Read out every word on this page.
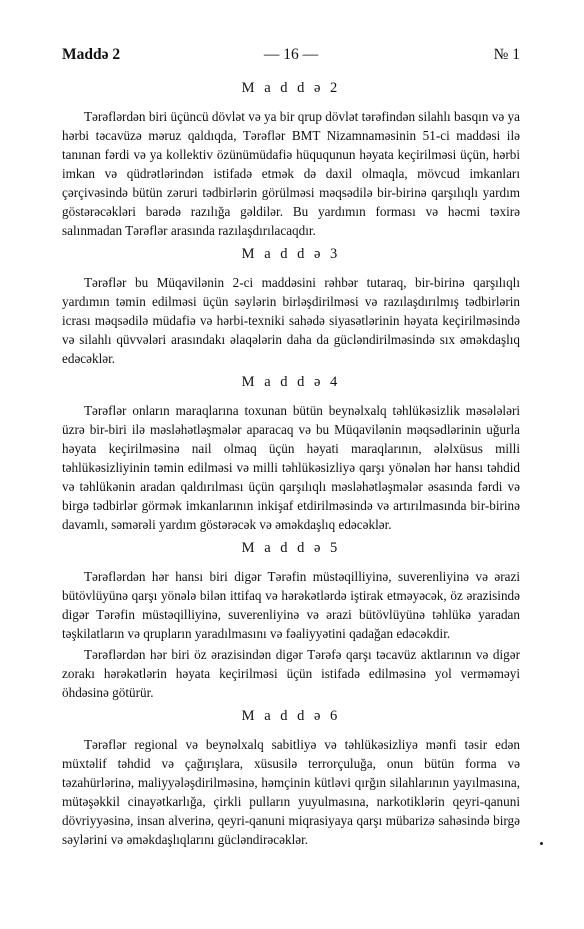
Maddə 2	— 16 —	№ 1
M a d d ə 2

Tərəflərdən biri üçüncü dövlət və ya bir qrup dövlət tərəfindən silahlı basqın və ya hərbi təcavüzə məruz qaldıqda, Tərəflər BMT Nizamnaməsinin 51-ci maddəsi ilə tanınan fərdi və ya kollektiv özünümüdafiə hüququnun həyata keçirilməsi üçün, hərbi imkan və qüdrətlərindən istifadə etmək də daxil olmaqla, mövcud imkanları çərçivəsində bütün zəruri tədbirlərin görülməsi məqsədilə bir-birinə qarşılıqlı yardım göstərəcəkləri barədə razılığa gəldilər. Bu yardımın forması və həcmi təxirə salınmadan Tərəflər arasında razılaşdırılacaqdır.

M a d d ə 3

Tərəflər bu Müqavilənin 2-ci maddəsini rəhbər tutaraq, bir-birinə qarşılıqlı yardımın təmin edilməsi üçün səylərin birləşdirilməsi və razılaşdırılmış tədbirlərin icrası məqsədilə müdafiə və hərbi-texniki sahədə siyasətlərinin həyata keçirilməsində və silahlı qüvvələri arasındakı əlaqələrin daha da gücləndirilməsində sıx əməkdaşlıq edəcəklər.

M a d d ə 4

Tərəflər onların maraqlarına toxunan bütün beynəlxalq təhlükəsizlik məsələləri üzrə bir-biri ilə məsləhətləşmələr aparacaq və bu Müqavilənin məqsədlərinin uğurla həyata keçirilməsinə nail olmaq üçün həyati maraqlarının, ələlxüsus milli təhlükəsizliyinin təmin edilməsi və milli təhlükəsizliyə qarşı yönələn hər hansı təhdid və təhlükənin aradan qaldırılması üçün qarşılıqlı məsləhətləşmələr əsasında fərdi və birgə tədbirlər görmək imkanlarının inkişaf etdirilməsində və artırılmasında bir-birinə davamlı, səmərəli yardım göstərəcək və əməkdaşlıq edəcəklər.

M a d d ə 5

Tərəflərdən hər hansı biri digər Tərəfin müstəqilliyinə, suverenliyinə və ərazi bütövlüyünə qarşı yönələ bilən ittifaq və hərəkətlərdə iştirak etməyəcək, öz ərazisində digər Tərəfin müstəqilliyinə, suverenliyinə və ərazi bütövlüyünə təhlükə yaradan təşkilatların və qrupların yaradılmasını və fəaliyyətini qadağan edəcəkdir.

Tərəflərdən hər biri öz ərazisindən digər Tərəfə qarşı təcavüz aktlarının və digər zorakı hərəkətlərin həyata keçirilməsi üçün istifadə edilməsinə yol verməməyi öhdəsinə götürür.

M a d d ə 6

Tərəflər regional və beynəlxalq sabitliyə və təhlükəsizliyə mənfi təsir edən müxtəlif təhdid və çağırışlara, xüsusilə terrorçuluğa, onun bütün forma və təzahürlərinə, maliyyələşdirilməsinə, həmçinin kütləvi qırğın silahlarının yayılmasına, mütəşəkkil cinayətkarlığa, çirkli pulların yuyulmasına, narkotiklərin qeyri-qanuni dövriyyəsinə, insan alverinə, qeyri-qanuni miqrasiyaya qarşı mübarizə sahəsində birgə səylərini və əməkdaşlıqlarını gücləndirəcəklər.
